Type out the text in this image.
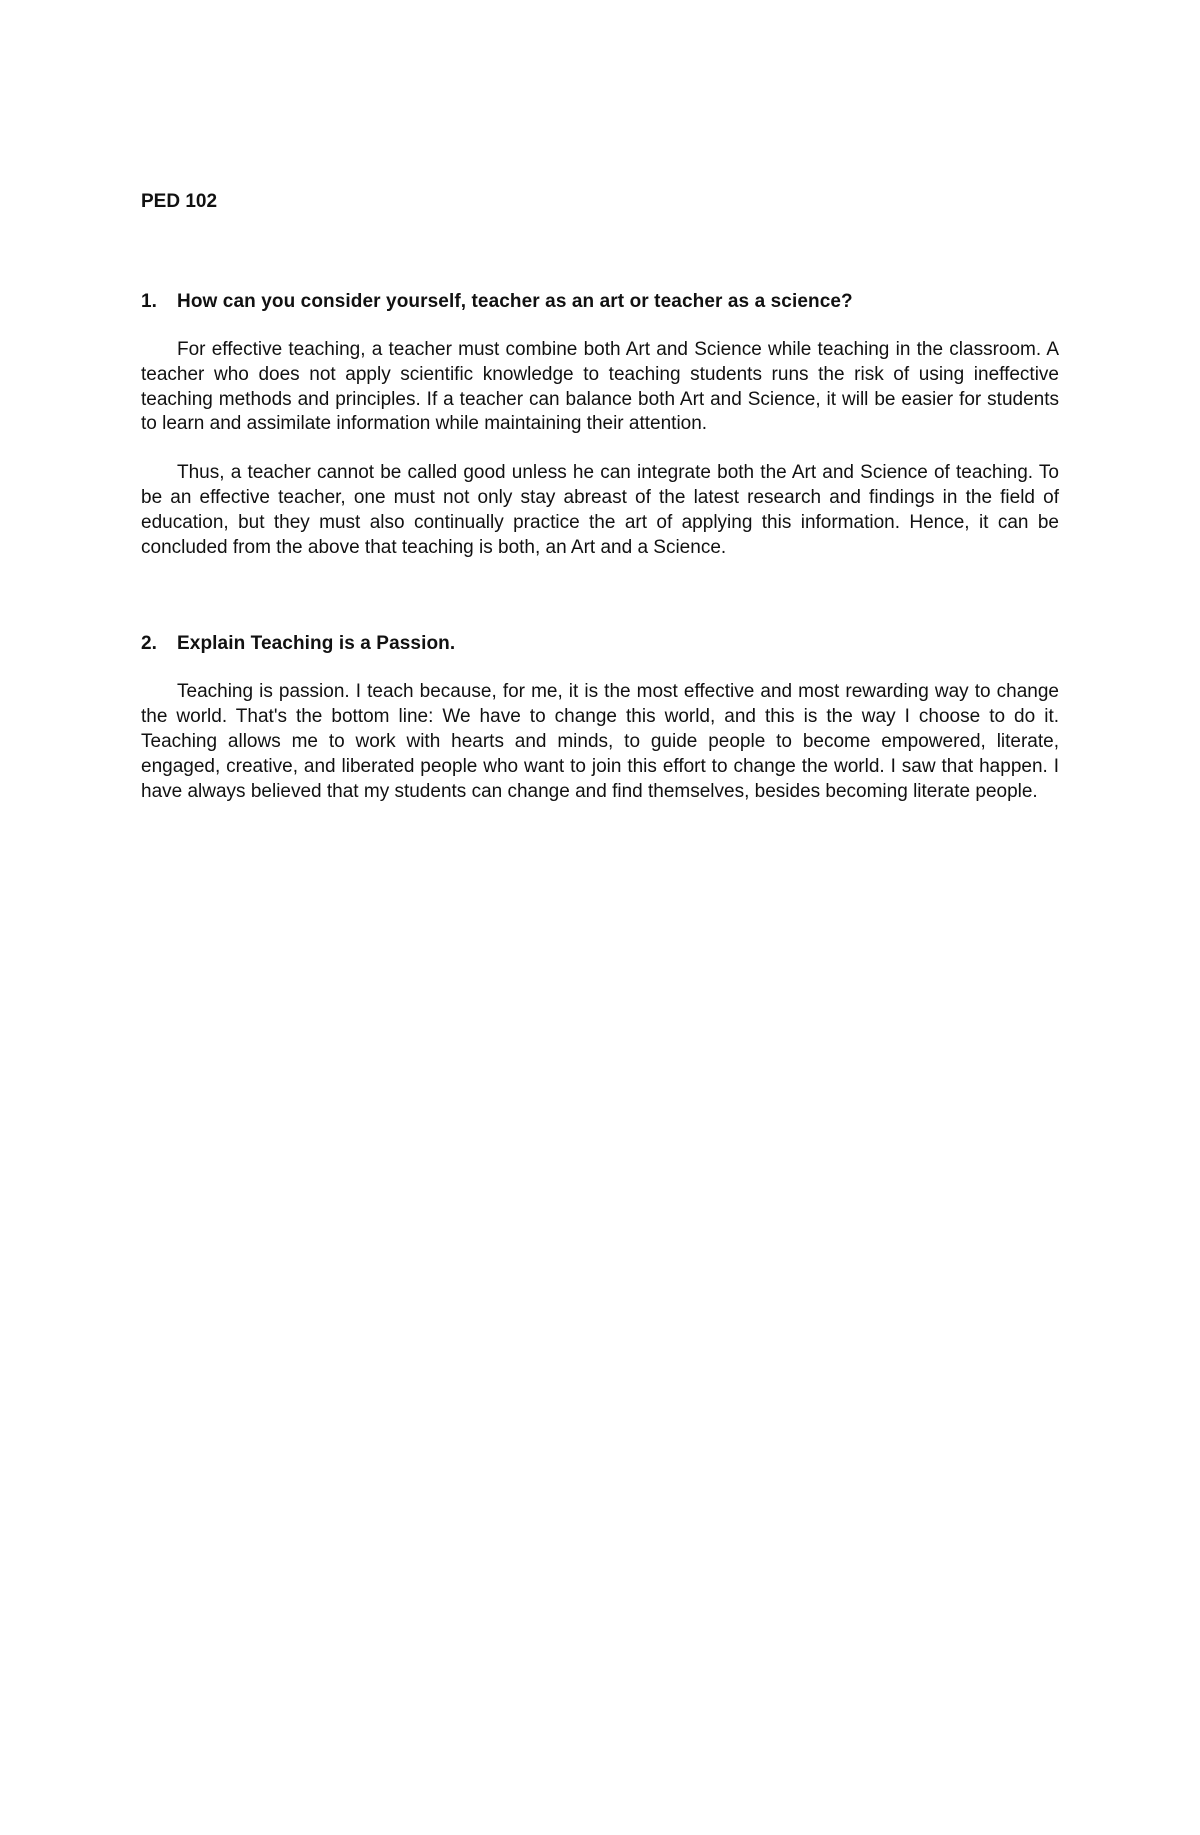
PED 102

1.	How can you consider yourself, teacher as an art or teacher as a science?

For effective teaching, a teacher must combine both Art and Science while teaching in the classroom. A teacher who does not apply scientific knowledge to teaching students runs the risk of using ineffective teaching methods and principles. If a teacher can balance both Art and Science, it will be easier for students to learn and assimilate information while maintaining their attention.

Thus, a teacher cannot be called good unless he can integrate both the Art and Science of teaching. To be an effective teacher, one must not only stay abreast of the latest research and findings in the field of education, but they must also continually practice the art of applying this information. Hence, it can be concluded from the above that teaching is both, an Art and a Science.

2.	Explain Teaching is a Passion.

Teaching is passion. I teach because, for me, it is the most effective and most rewarding way to change the world. That's the bottom line: We have to change this world, and this is the way I choose to do it. Teaching allows me to work with hearts and minds, to guide people to become empowered, literate, engaged, creative, and liberated people who want to join this effort to change the world. I saw that happen. I have always believed that my students can change and find themselves, besides becoming literate people.
